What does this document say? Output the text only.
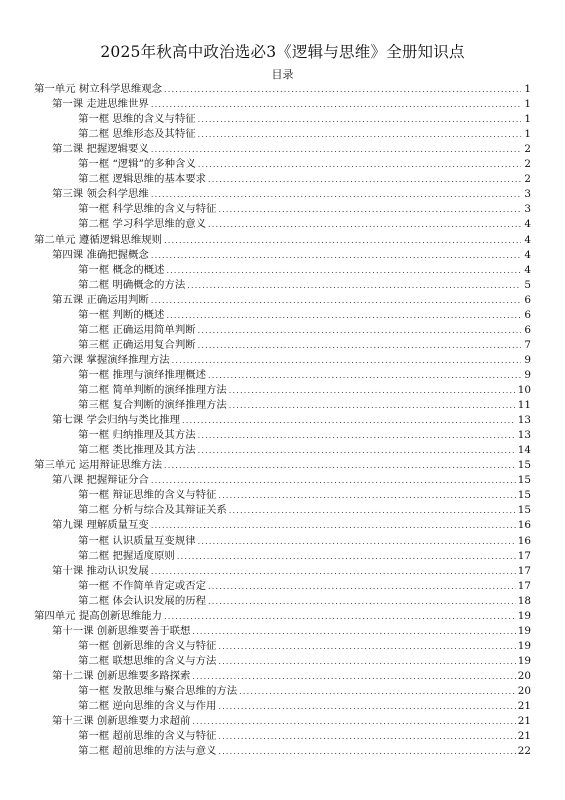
2025年秋高中政治选必3《逻辑与思维》全册知识点
目录
第一单元 树立科学思维观念 .....	1
第一课 走进思维世界 .....	1
第一框 思维的含义与特征 .....	1
第二框 思维形态及其特征 .....	1
第二课 把握逻辑要义 .....	2
第一框 “逻辑”的多种含义 .....	2
第二框 逻辑思维的基本要求 .....	2
第三课 领会科学思维 .....	3
第一框 科学思维的含义与特征 .....	3
第二框 学习科学思维的意义 .....	4
第二单元 遵循逻辑思维规则 .....	4
第四课 准确把握概念 .....	4
第一框 概念的概述 .....	4
第二框 明确概念的方法 .....	5
第五课 正确运用判断 .....	6
第一框 判断的概述 .....	6
第二框 正确运用简单判断 .....	6
第三框 正确运用复合判断 .....	7
第六课 掌握演绎推理方法 .....	9
第一框 推理与演绎推理概述 .....	9
第二框 简单判断的演绎推理方法 .....	10
第三框 复合判断的演绎推理方法 .....	11
第七课 学会归纳与类比推理 .....	13
第一框 归纳推理及其方法 .....	13
第二框 类比推理及其方法 .....	14
第三单元 运用辩证思维方法 .....	15
第八课 把握辩证分合 .....	15
第一框 辩证思维的含义与特征 .....	15
第二框 分析与综合及其辩证关系 .....	15
第九课 理解质量互变 .....	16
第一框 认识质量互变规律 .....	16
第二框 把握适度原则 .....	17
第十课 推动认识发展 .....	17
第一框 不作简单肯定或否定 .....	17
第二框 体会认识发展的历程 .....	18
第四单元 提高创新思维能力 .....	19
第十一课 创新思维要善于联想 .....	19
第一框 创新思维的含义与特征 .....	19
第二框 联想思维的含义与方法 .....	19
第十二课 创新思维要多路探索 .....	20
第一框 发散思维与聚合思维的方法 .....	20
第二框 逆向思维的含义与作用 .....	21
第十三课 创新思维要力求超前 .....	21
第一框 超前思维的含义与特征 .....	21
第二框 超前思维的方法与意义 .....	22
